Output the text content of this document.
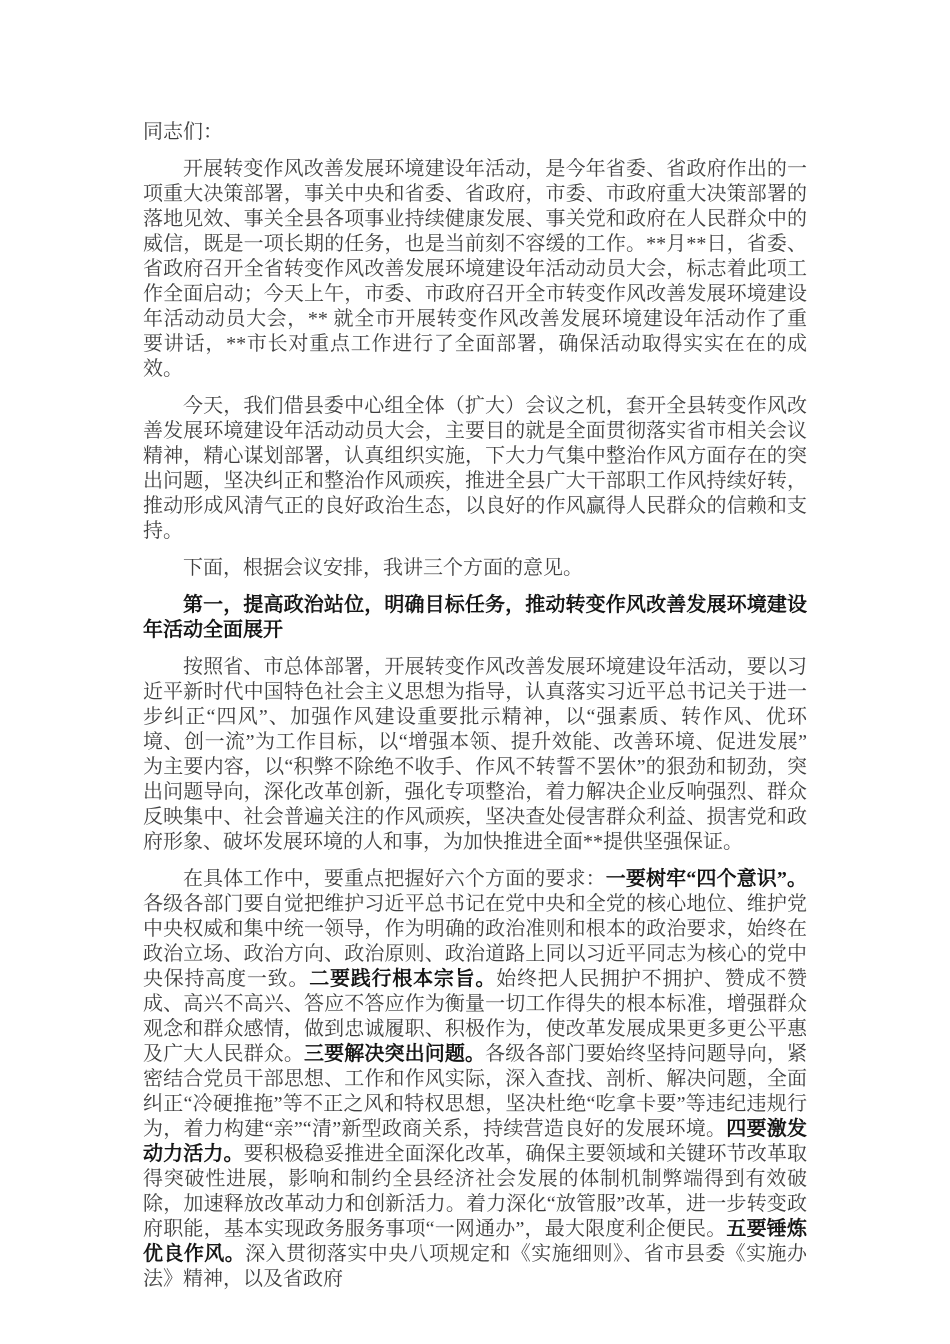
同志们：

开展转变作风改善发展环境建设年活动，是今年省委、省政府作出的一项重大决策部署，事关中央和省委、省政府，市委、市政府重大决策部署的落地见效、事关全县各项事业持续健康发展、事关党和政府在人民群众中的威信，既是一项长期的任务，也是当前刻不容缓的工作。**月**日，省委、省政府召开全省转变作风改善发展环境建设年活动动员大会，标志着此项工作全面启动；今天上午，市委、市政府召开全市转变作风改善发展环境建设年活动动员大会，** 就全市开展转变作风改善发展环境建设年活动作了重要讲话，**市长对重点工作进行了全面部署，确保活动取得实实在在的成效。

今天，我们借县委中心组全体（扩大）会议之机，套开全县转变作风改善发展环境建设年活动动员大会，主要目的就是全面贯彻落实省市相关会议精神，精心谋划部署，认真组织实施，下大力气集中整治作风方面存在的突出问题，坚决纠正和整治作风顽疾，推进全县广大干部职工作风持续好转，推动形成风清气正的良好政治生态，以良好的作风赢得人民群众的信赖和支持。

下面，根据会议安排，我讲三个方面的意见。

第一，提高政治站位，明确目标任务，推动转变作风改善发展环境建设年活动全面展开

按照省、市总体部署，开展转变作风改善发展环境建设年活动，要以习近平新时代中国特色社会主义思想为指导，认真落实习近平总书记关于进一步纠正“四风”、加强作风建设重要批示精神，以“强素质、转作风、优环境、创一流”为工作目标，以“增强本领、提升效能、改善环境、促进发展”为主要内容，以“积弊不除绝不收手、作风不转誓不罢休”的狠劲和韧劲，突出问题导向，深化改革创新，强化专项整治，着力解决企业反响强烈、群众反映集中、社会普遍关注的作风顽疾，坚决查处侵害群众利益、损害党和政府形象、破坏发展环境的人和事，为加快推进全面**提供坚强保证。

在具体工作中，要重点把握好六个方面的要求：一要树牢“四个意识”。各级各部门要自觉把维护习近平总书记在党中央和全党的核心地位、维护党中央权威和集中统一领导，作为明确的政治准则和根本的政治要求，始终在政治立场、政治方向、政治原则、政治道路上同以习近平同志为核心的党中央保持高度一致。二要践行根本宗旨。始终把人民拥护不拥护、赞成不赞成、高兴不高兴、答应不答应作为衡量一切工作得失的根本标准，增强群众观念和群众感情，做到忠诚履职、积极作为，使改革发展成果更多更公平惠及广大人民群众。三要解决突出问题。各级各部门要始终坚持问题导向，紧密结合党员干部思想、工作和作风实际，深入查找、剖析、解决问题，全面纠正“冷硬推拖”等不正之风和特权思想，坚决杜绝“吃拿卡要”等违纪违规行为，着力构建“亲”“清”新型政商关系，持续营造良好的发展环境。四要激发动力活力。要积极稳妥推进全面深化改革，确保主要领域和关键环节改革取得突破性进展，影响和制约全县经济社会发展的体制机制弊端得到有效破除，加速释放改革动力和创新活力。着力深化“放管服”改革，进一步转变政府职能，基本实现政务服务事项“一网通办”，最大限度利企便民。五要锤炼优良作风。深入贯彻落实中央八项规定和《实施细则》、省市县委《实施办法》精神，以及省政府
